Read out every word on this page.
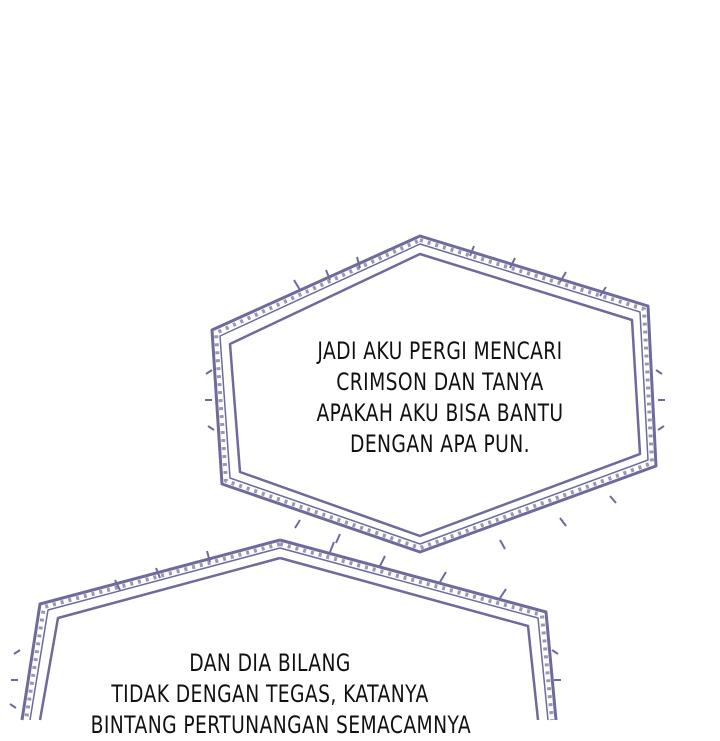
JADI AKU PERGI MENCARI
CRIMSON DAN TANYA
APAKAH AKU BISA BANTU
DENGAN APA PUN.
DAN DIA BILANG
TIDAK DENGAN TEGAS, KATANYA
BINTANG PERTUNANGAN SEMACAMNYA
